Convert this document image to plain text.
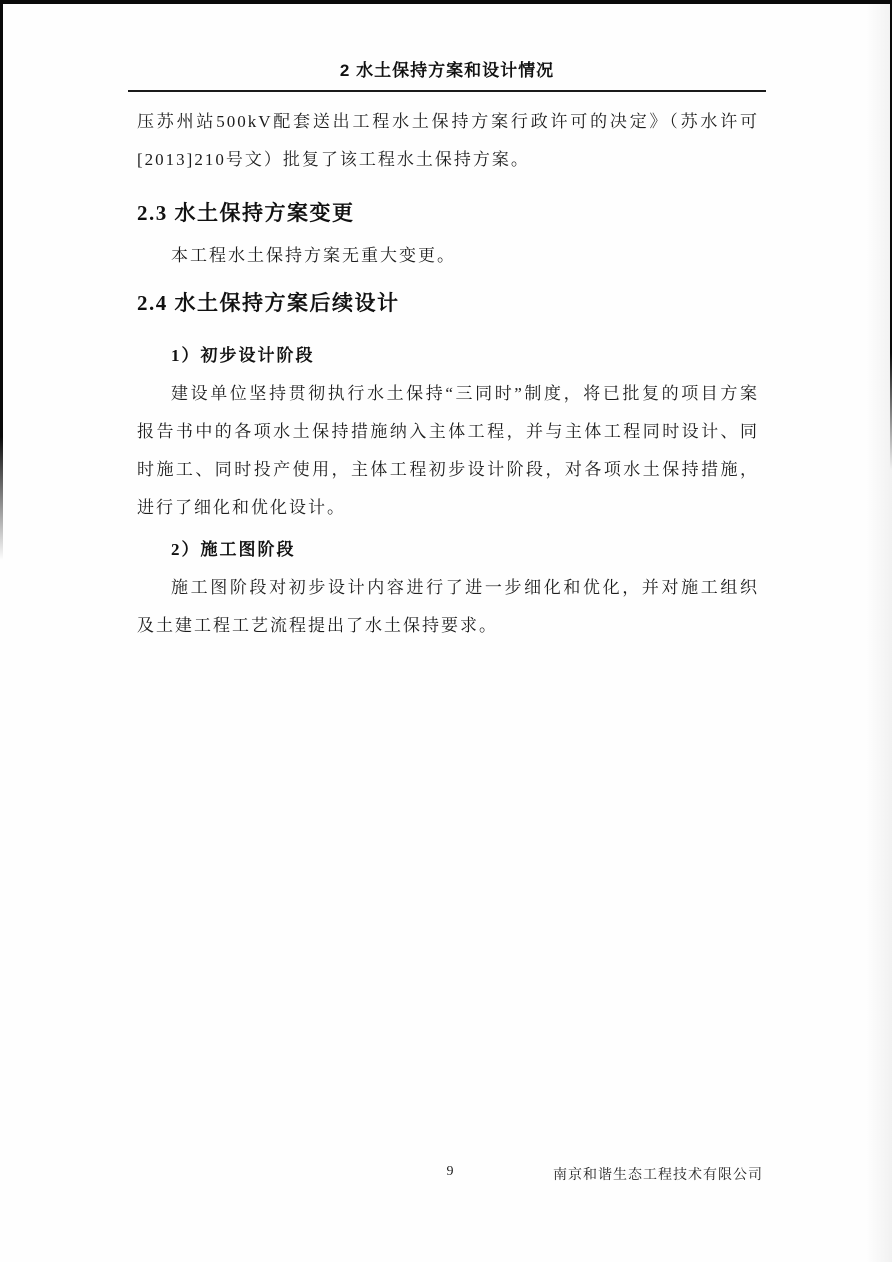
2 水土保持方案和设计情况

压苏州站500kV配套送出工程水土保持方案行政许可的决定》（苏水许可[2013]210号文）批复了该工程水土保持方案。

2.3 水土保持方案变更

本工程水土保持方案无重大变更。

2.4 水土保持方案后续设计
1）初步设计阶段

建设单位坚持贯彻执行水土保持“三同时”制度，将已批复的项目方案报告书中的各项水土保持措施纳入主体工程，并与主体工程同时设计、同时施工、同时投产使用，主体工程初步设计阶段，对各项水土保持措施，进行了细化和优化设计。

2）施工图阶段

施工图阶段对初步设计内容进行了进一步细化和优化，并对施工组织及土建工程工艺流程提出了水土保持要求。

9	南京和谐生态工程技术有限公司
